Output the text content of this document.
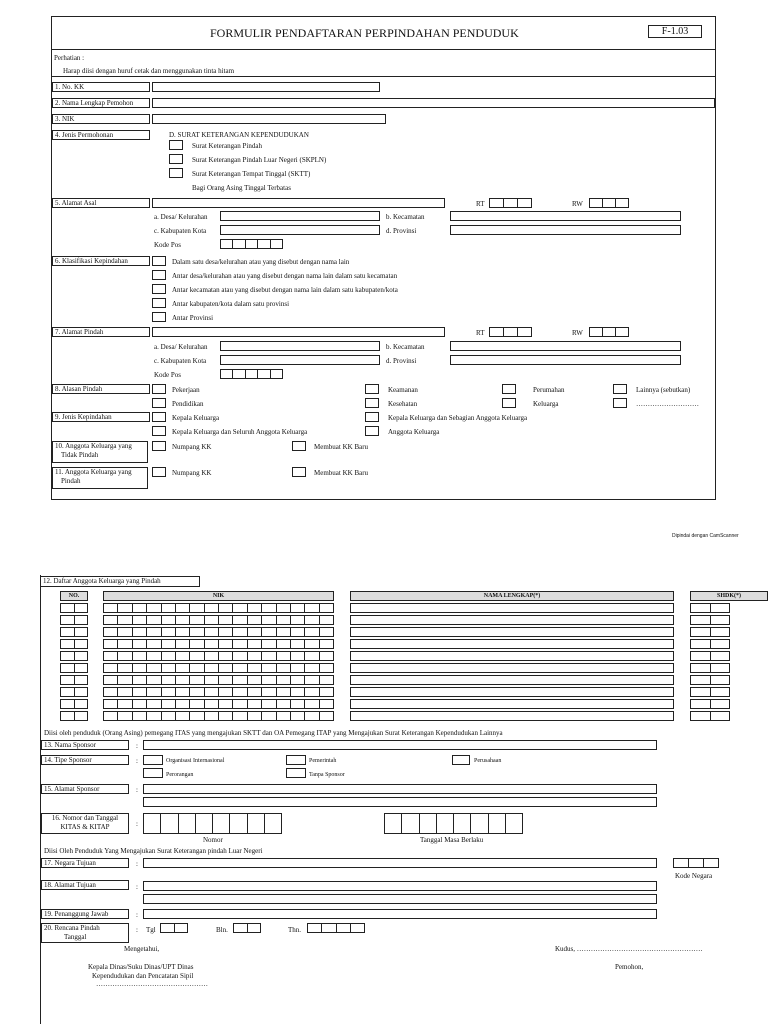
FORMULIR PENDAFTARAN PERPINDAHAN PENDUDUK	F-1.03
Perhatian :
Harap diisi dengan huruf cetak dan menggunakan tinta hitam
1. No. KK
2. Nama Lengkap Pemohon
3. NIK
4. Jenis Permohonan	D. SURAT KETERANGAN KEPENDUDUKAN
Surat Keterangan Pindah
Surat Keterangan Pindah Luar Negeri (SKPLN)
Surat Keterangan Tempat Tinggal (SKTT)
Bagi Orang Asing Tinggal Terbatas
5. Alamat Asal	RT	RW
a. Desa/ Kelurahan	b. Kecamatan
c. Kabupaten Kota	d. Provinsi
Kode Pos
6. Klasifikasi Kepindahan	Dalam satu desa/kelurahan atau yang disebut dengan nama lain
Antar desa/kelurahan atau yang disebut dengan nama lain dalam satu kecamatan
Antar kecamatan atau yang disebut dengan nama lain dalam satu kabupaten/kota
Antar kabupaten/kota dalam satu provinsi
Antar Provinsi
7. Alamat Pindah	RT	RW
a. Desa/ Kelurahan	b. Kecamatan
c. Kabupaten Kota	d. Provinsi
Kode Pos
8. Alasan Pindah	Pekerjaan
Pendidikan
Keamanan
Kesehatan
Perumahan
Keluarga
Lainnya (sebutkan)
………………………
9. Jenis Kepindahan	Kepala Keluarga
Kepala Keluarga dan Seluruh Anggota Keluarga
Kepala Keluarga dan Sebagian Anggota Keluarga
Anggota Keluarga
10. Anggota Keluarga yang
Tidak Pindah
Numpang KK	Membuat KK Baru
11. Anggota Keluarga yang
Pindah
Numpang KK	Membuat KK Baru
Dipindai dengan CamScanner
12. Daftar Anggota Keluarga yang Pindah
NO.	NIK	NAMA LENGKAP(*)	SHDK(*)
Diisi oleh penduduk (Orang Asing) pemegang ITAS yang mengajukan SKTT dan OA Pemegang ITAP yang Mengajukan Surat Keterangan Kependudukan Lainnya
13. Nama Sponsor	:
14. Tipe Sponsor	:	Organisasi Internasional	Pemerintah	Perusahaan
Perorangan	Tanpa Sponsor
15. Alamat Sponsor	:
16. Nomor dan Tanggal
KITAS & KITAP	:
Nomor	Tanggal Masa Berlaku
Diisi Oleh Penduduk Yang Mengajukan Surat Keterangan pindah Luar Negeri
17. Negara Tujuan	:
Kode Negara
18. Alamat Tujuan	:
19. Penanggung Jawab	:
20. Rencana Pindah
Tanggal
: Tgl	Bln.	Thn.
Mengetahui,	Kudus, ………………………………………………
Kepala Dinas/Suku Dinas/UPT Dinas
Kependudukan dan Pencatatan Sipil
…………………………………………
Pemohon,
